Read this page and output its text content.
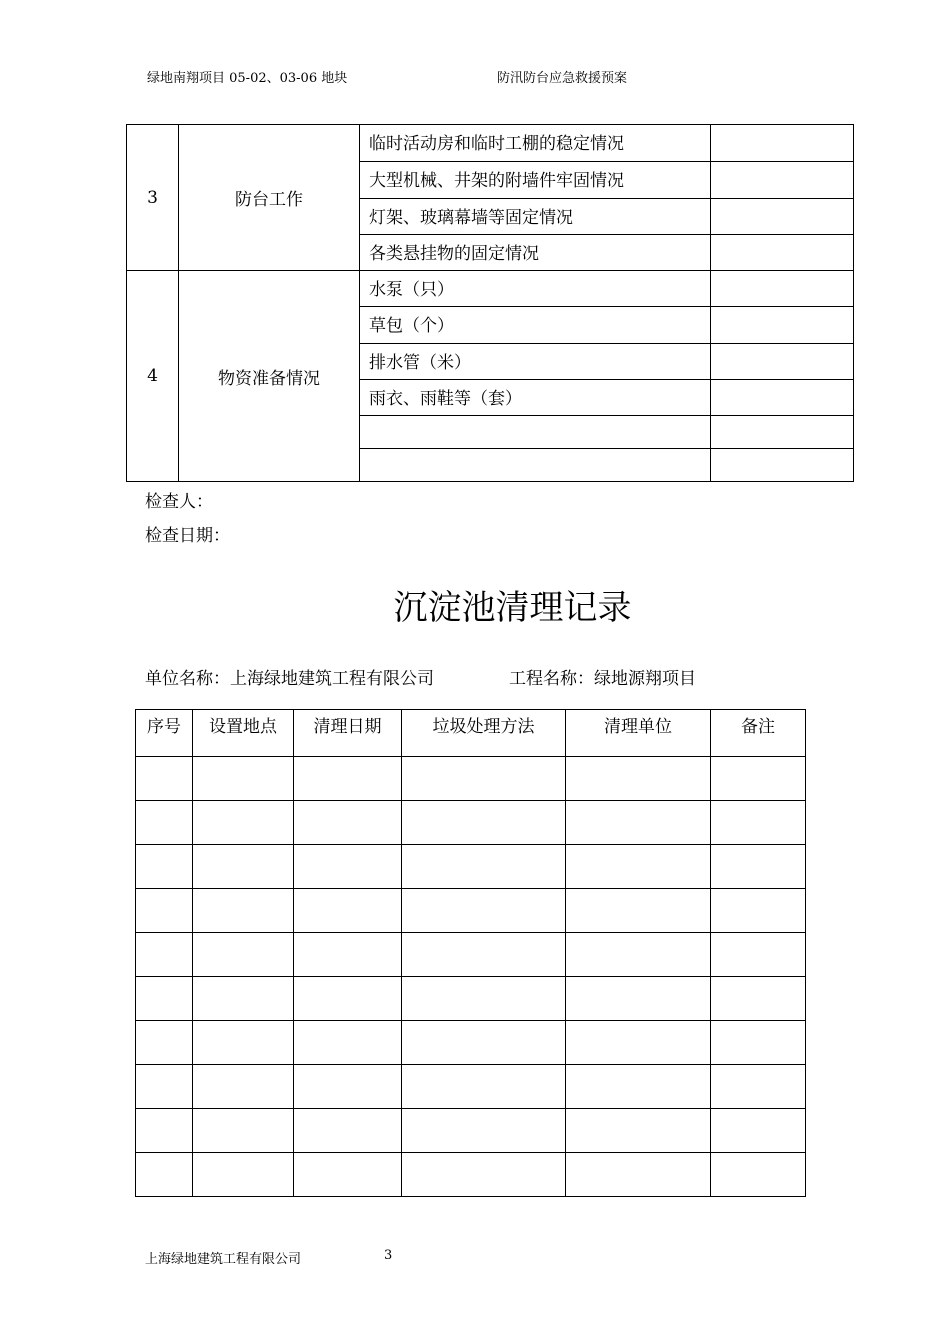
绿地南翔项目 05-02、03-06 地块	防汛防台应急救援预案
3	防台工作	临时活动房和临时工棚的稳定情况	
		大型机械、井架的附墙件牢固情况	
		灯架、玻璃幕墙等固定情况	
		各类悬挂物的固定情况	
4	物资准备情况	水泵（只）	
		草包（个）	
		排水管（米）	
		雨衣、雨鞋等（套）	

检查人：
检查日期：
沉淀池清理记录
单位名称：上海绿地建筑工程有限公司	工程名称：绿地源翔项目
序号	设置地点	清理日期	垃圾处理方法	清理单位	备注

上海绿地建筑工程有限公司	3
